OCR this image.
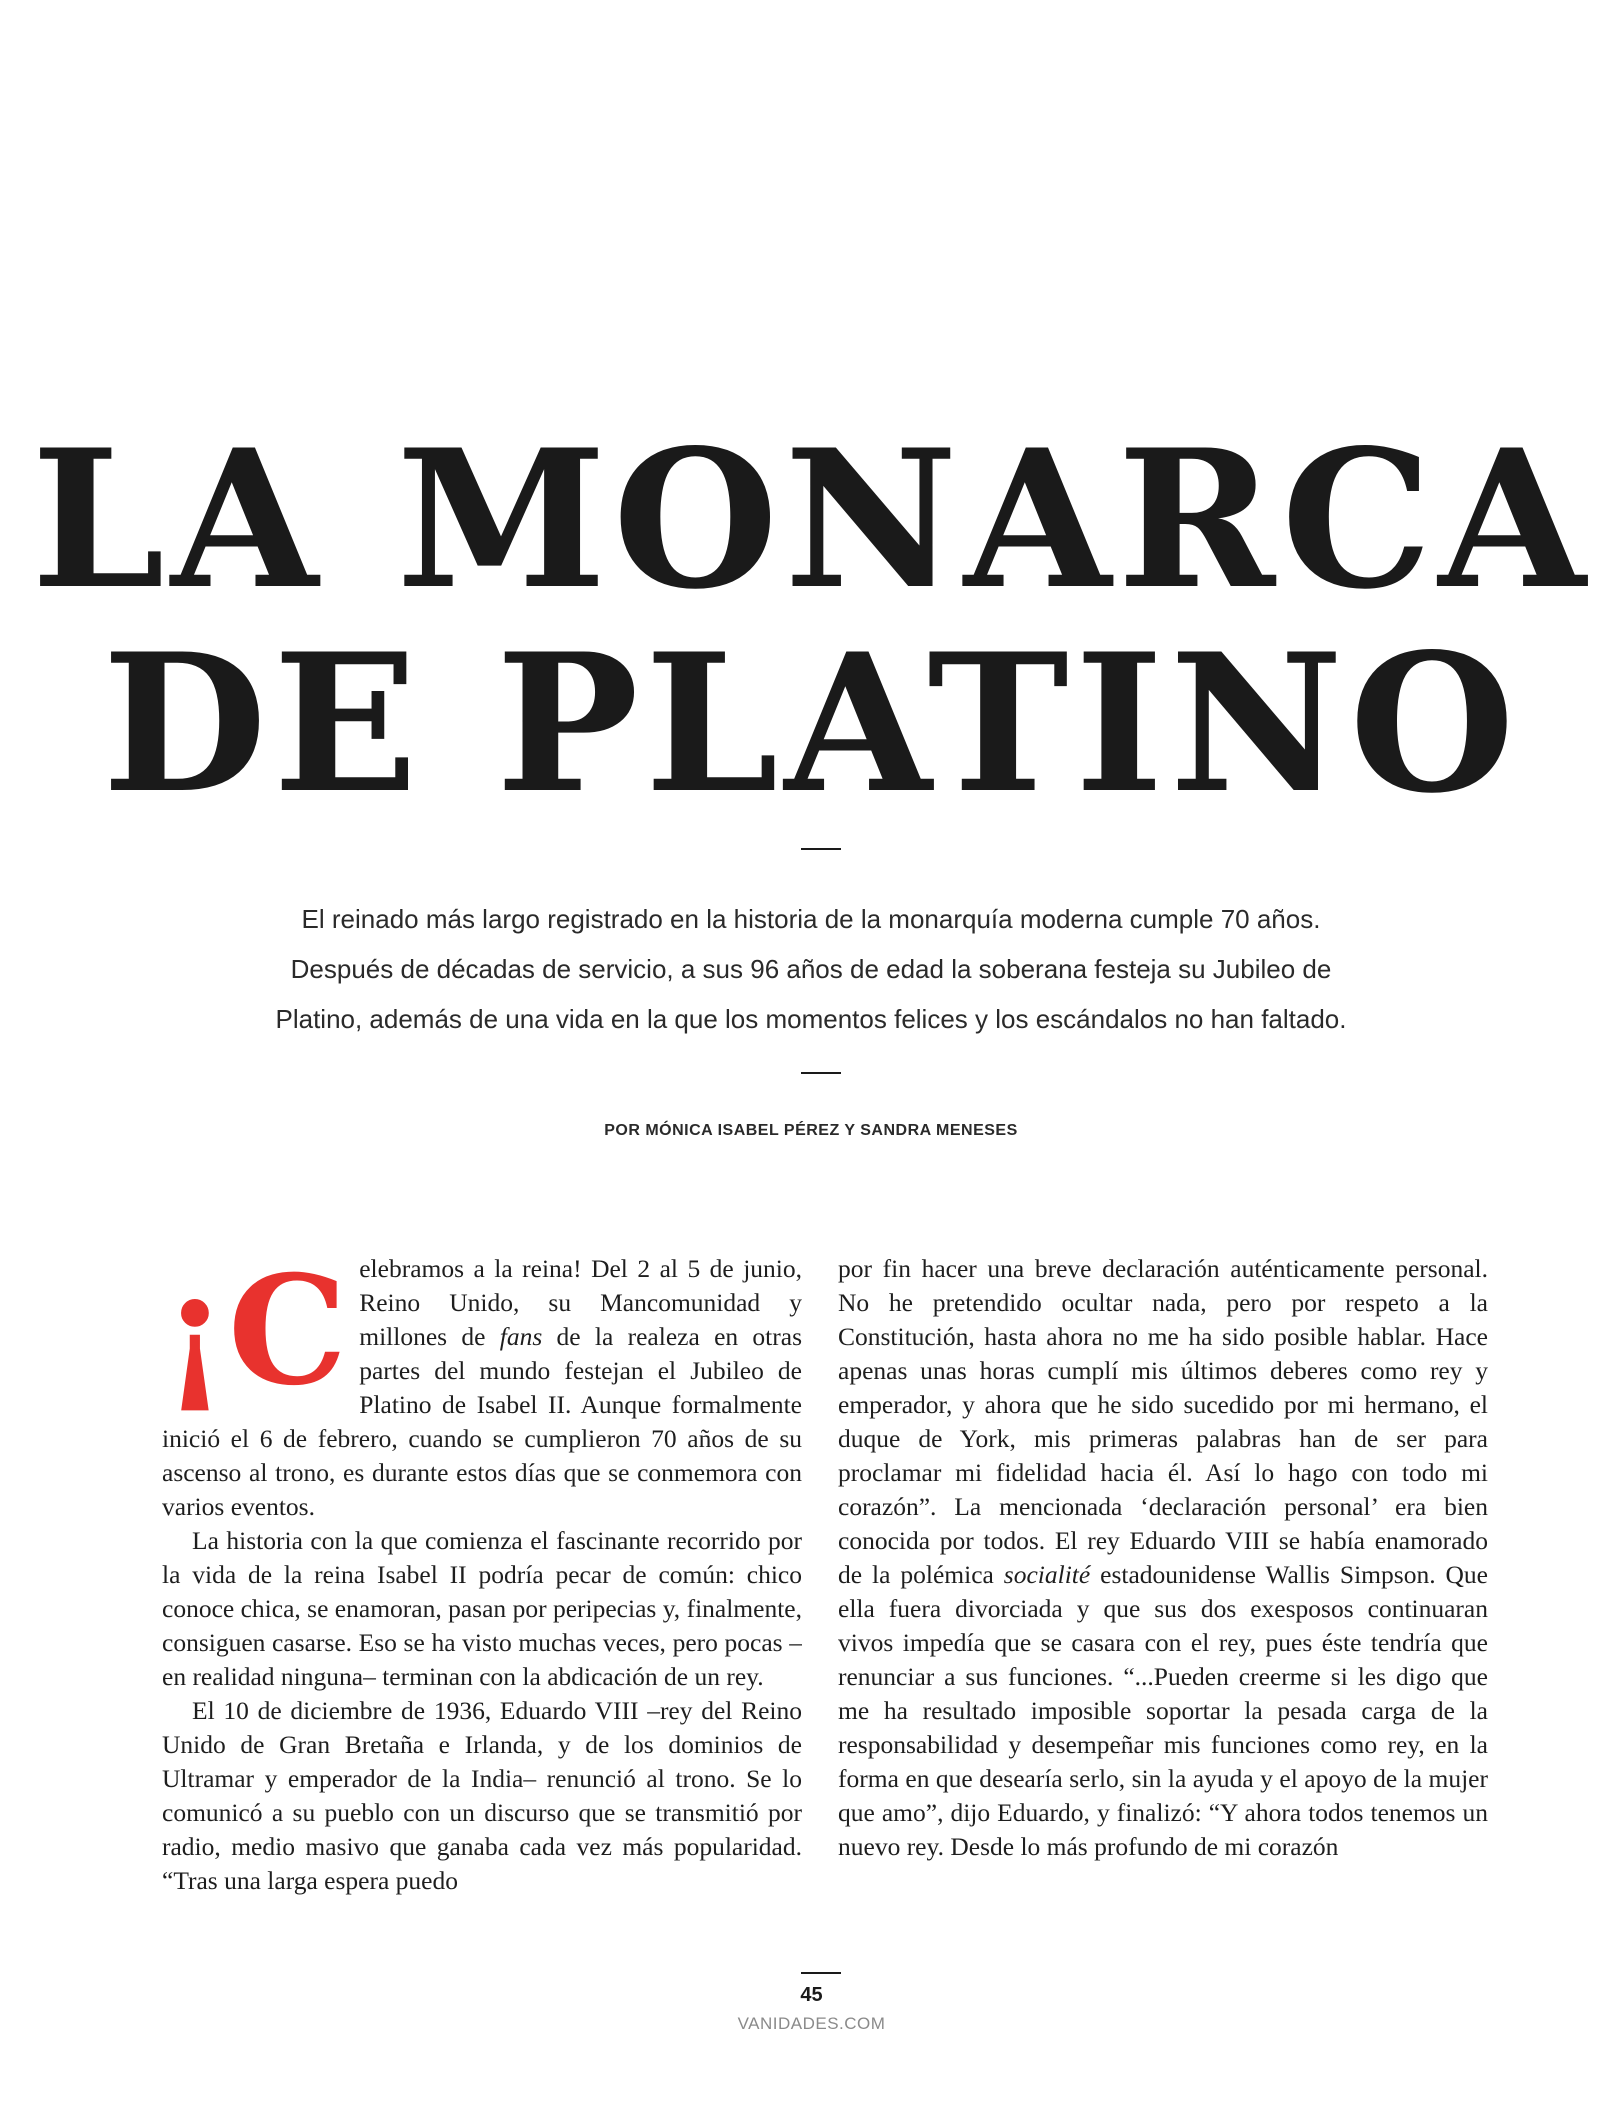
LA MONARCA
DE PLATINO

El reinado más largo registrado en la historia de la monarquía moderna cumple 70 años.
Después de décadas de servicio, a sus 96 años de edad la soberana festeja su Jubileo de
Platino, además de una vida en la que los momentos felices y los escándalos no han faltado.

POR MÓNICA ISABEL PÉREZ Y SANDRA MENESES

¡C elebramos a la reina! Del 2 al 5 de junio, Reino Unido, su Mancomunidad y millones de fans de la realeza en otras partes del mundo festejan el Jubileo de Platino de Isabel II. Aunque formalmente inició el 6 de febrero, cuando se cumplieron 70 años de su ascenso al trono, es durante estos días que se conmemora con varios eventos.

La historia con la que comienza el fascinante recorrido por la vida de la reina Isabel II podría pecar de común: chico conoce chica, se enamoran, pasan por peripecias y, finalmente, consiguen casarse. Eso se ha visto muchas veces, pero pocas –en realidad ninguna– terminan con la abdicación de un rey.

El 10 de diciembre de 1936, Eduardo VIII –rey del Reino Unido de Gran Bretaña e Irlanda, y de los dominios de Ultramar y emperador de la India– renunció al trono. Se lo comunicó a su pueblo con un discurso que se transmitió por radio, medio masivo que ganaba cada vez más popularidad. “Tras una larga espera puedo

por fin hacer una breve declaración auténticamente personal. No he pretendido ocultar nada, pero por respeto a la Constitución, hasta ahora no me ha sido posible hablar. Hace apenas unas horas cumplí mis últimos deberes como rey y emperador, y ahora que he sido sucedido por mi hermano, el duque de York, mis primeras palabras han de ser para proclamar mi fidelidad hacia él. Así lo hago con todo mi corazón”. La mencionada ‘declaración personal’ era bien conocida por todos. El rey Eduardo VIII se había enamorado de la polémica socialité estadounidense Wallis Simpson. Que ella fuera divorciada y que sus dos exesposos continuaran vivos impedía que se casara con el rey, pues éste tendría que renunciar a sus funciones. “...Pueden creerme si les digo que me ha resultado imposible soportar la pesada carga de la responsabilidad y desempeñar mis funciones como rey, en la forma en que desearía serlo, sin la ayuda y el apoyo de la mujer que amo”, dijo Eduardo, y finalizó: “Y ahora todos tenemos un nuevo rey. Desde lo más profundo de mi corazón

45
VANIDADES.COM
